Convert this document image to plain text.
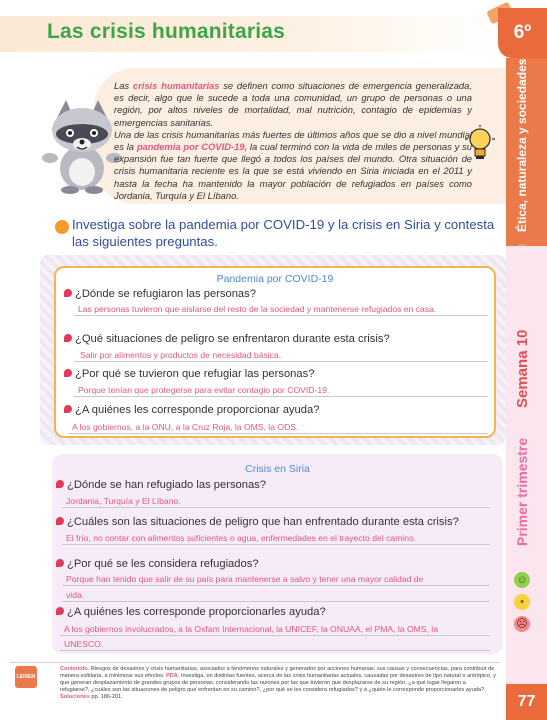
Las crisis humanitarias	6º
Ética, naturaleza y sociedades
♡
Semana 10
Primer trimestre
☺
•
☹

Las crisis humanitarias se definen como situaciones de emergencia generalizada, es decir, algo que le sucede a toda una comunidad, un grupo de personas o una región, por altos niveles de mortalidad, mal nutrición, contagio de epidemias y emergencias sanitarias.

Una de las crisis humanitarias más fuertes de últimos años que se dio a nivel mundial es la pandemia por COVID-19, la cual terminó con la vida de miles de personas y su expansión fue tan fuerte que llegó a todos los países del mundo. Otra situación de crisis humanitaria reciente es la que se está viviendo en Siria iniciada en el 2011 y hasta la fecha ha mantenido la mayor población de refugiados en países como Jordania, Turquía y El Líbano.

Investiga sobre la pandemia por COVID-19 y la crisis en Siria y contesta las siguientes preguntas.
Pandemia por COVID-19
¿Dónde se refugiaron las personas?
Las personas tuvieron que aislarse del resto de la sociedad y mantenerse refugiados en casa.
¿Qué situaciones de peligro se enfrentaron durante esta crisis?
Salir por alimentos y productos de necesidad básica.
¿Por qué se tuvieron que refugiar las personas?
Porque tenían que protegerse para evitar contagio por COVID-19.
¿A quiénes les corresponde proporcionar ayuda?
A los gobiernos, a la ONU, a la Cruz Roja, la OMS, la ODS.
Crisis en Siria
¿Dónde se han refugiado las personas?
Jordania, Turquía y El Líbano.
¿Cuáles son las situaciones de peligro que han enfrentado durante esta crisis?
El frío, no contar con alimentos suficientes o agua, enfermedades en el trayecto del camino.
¿Por qué se les considera refugiados?
Porque han tenido que salir de su país para mantenerse a salvo y tener una mayor calidad de
vida.
¿A quiénes les corresponde proporcionarles ayuda?
A los gobiernos involucrados, a la Oxfam Internacional, la UNICEF, la ONUAA, el PMA, la OMS, la
UNESCO.
LEIREM
Contenido. Riesgos de desastres y crisis humanitarias, asociados a fenómenos naturales y generados por acciones humanas: sus causas y consecuencias, para contribuir de manera solidaria, a minimizar sus efectos. PDA. Investiga, en distintas fuentes, acerca de las crisis humanitarias actuales, causadas por desastres de tipo natural o antrópico, y que generan desplazamiento de grandes grupos de personas, considerando las razones por las que tuvieron que desplazarse de su región, ¿a qué lugar llegaron a refugiarse?, ¿cuáles son las situaciones de peligro que enfrentan en su camino?, ¿por qué se les considera refugiados? y a ¿quién le corresponde proporcionarles ayuda?. Soluciones pp. 186-201.	77
